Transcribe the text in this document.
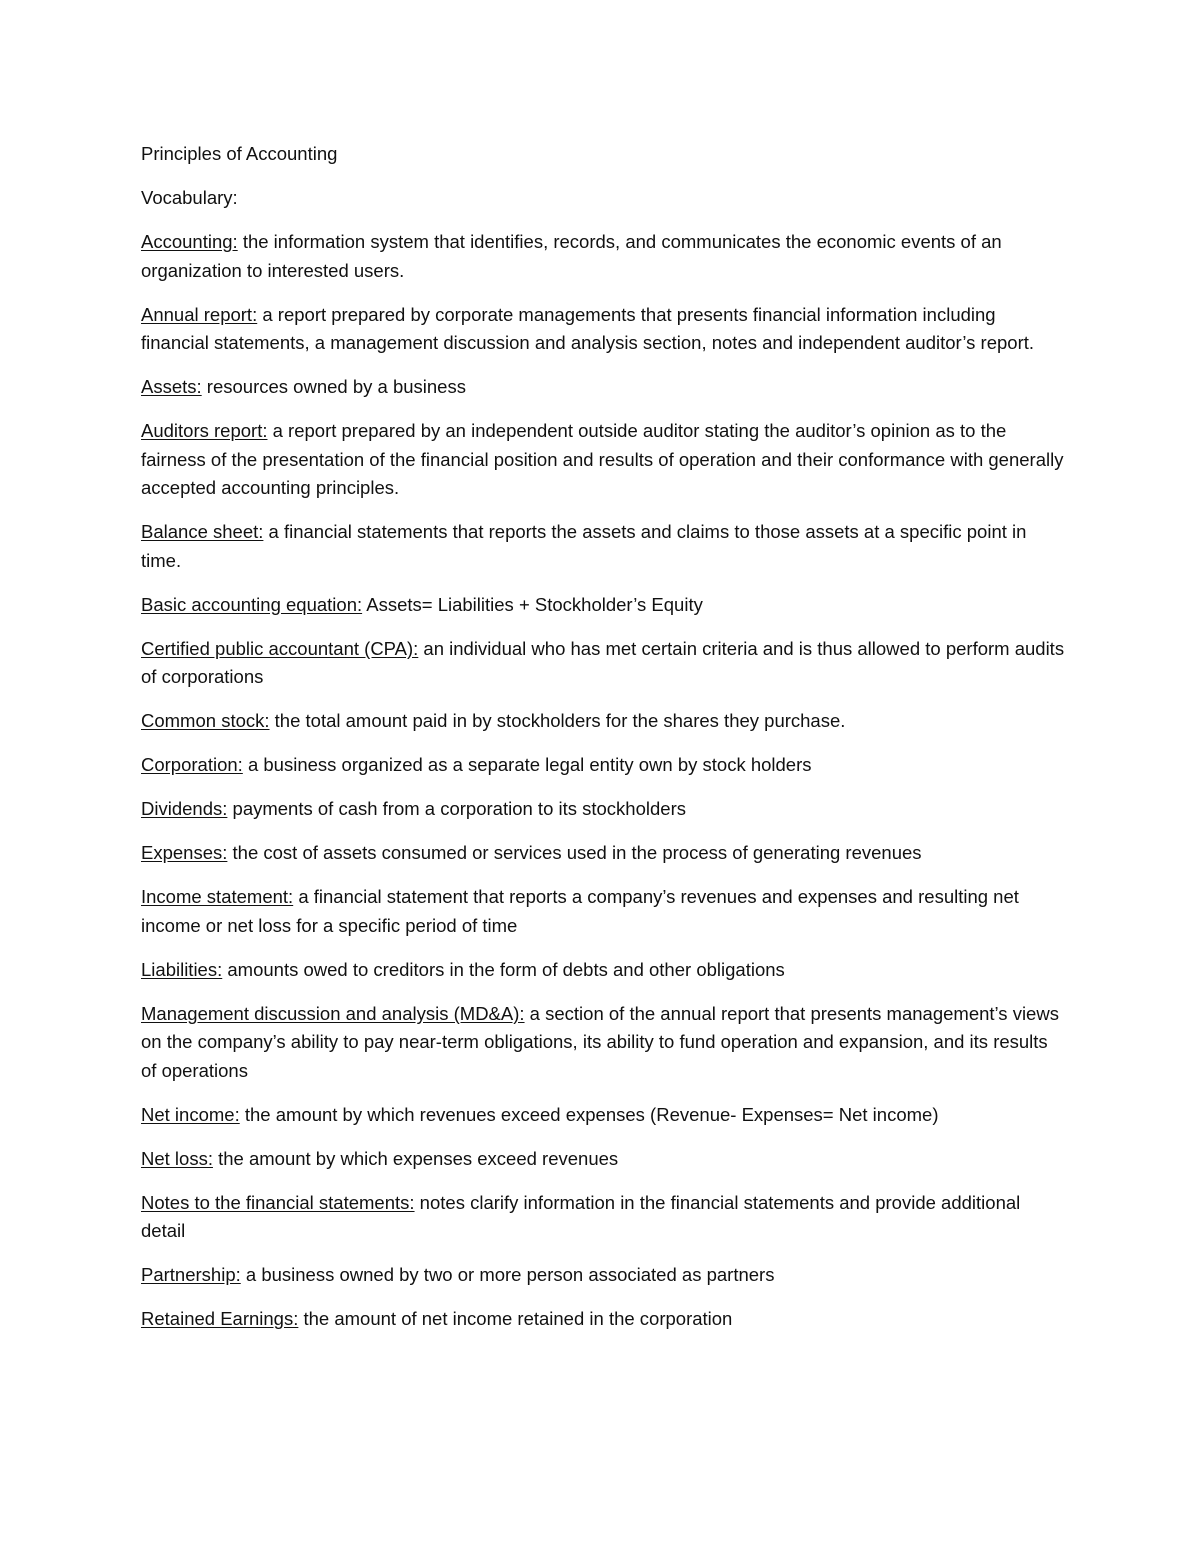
Principles of Accounting

Vocabulary:

Accounting: the information system that identifies, records, and communicates the economic events of an organization to interested users.

Annual report: a report prepared by corporate managements that presents financial information including financial statements, a management discussion and analysis section, notes and independent auditor’s report.

Assets: resources owned by a business

Auditors report: a report prepared by an independent outside auditor stating the auditor’s opinion as to the fairness of the presentation of the financial position and results of operation and their conformance with generally accepted accounting principles.

Balance sheet: a financial statements that reports the assets and claims to those assets at a specific point in time.

Basic accounting equation: Assets= Liabilities + Stockholder’s Equity

Certified public accountant (CPA): an individual who has met certain criteria and is thus allowed to perform audits of corporations

Common stock: the total amount paid in by stockholders for the shares they purchase.

Corporation: a business organized as a separate legal entity own by stock holders

Dividends: payments of cash from a corporation to its stockholders

Expenses: the cost of assets consumed or services used in the process of generating revenues

Income statement: a financial statement that reports a company’s revenues and expenses and resulting net income or net loss for a specific period of time

Liabilities: amounts owed to creditors in the form of debts and other obligations

Management discussion and analysis (MD&A): a section of the annual report that presents management’s views on the company’s ability to pay near-term obligations, its ability to fund operation and expansion, and its results of operations

Net income: the amount by which revenues exceed expenses (Revenue- Expenses= Net income)

Net loss: the amount by which expenses exceed revenues

Notes to the financial statements: notes clarify information in the financial statements and provide additional detail

Partnership: a business owned by two or more person associated as partners

Retained Earnings: the amount of net income retained in the corporation
